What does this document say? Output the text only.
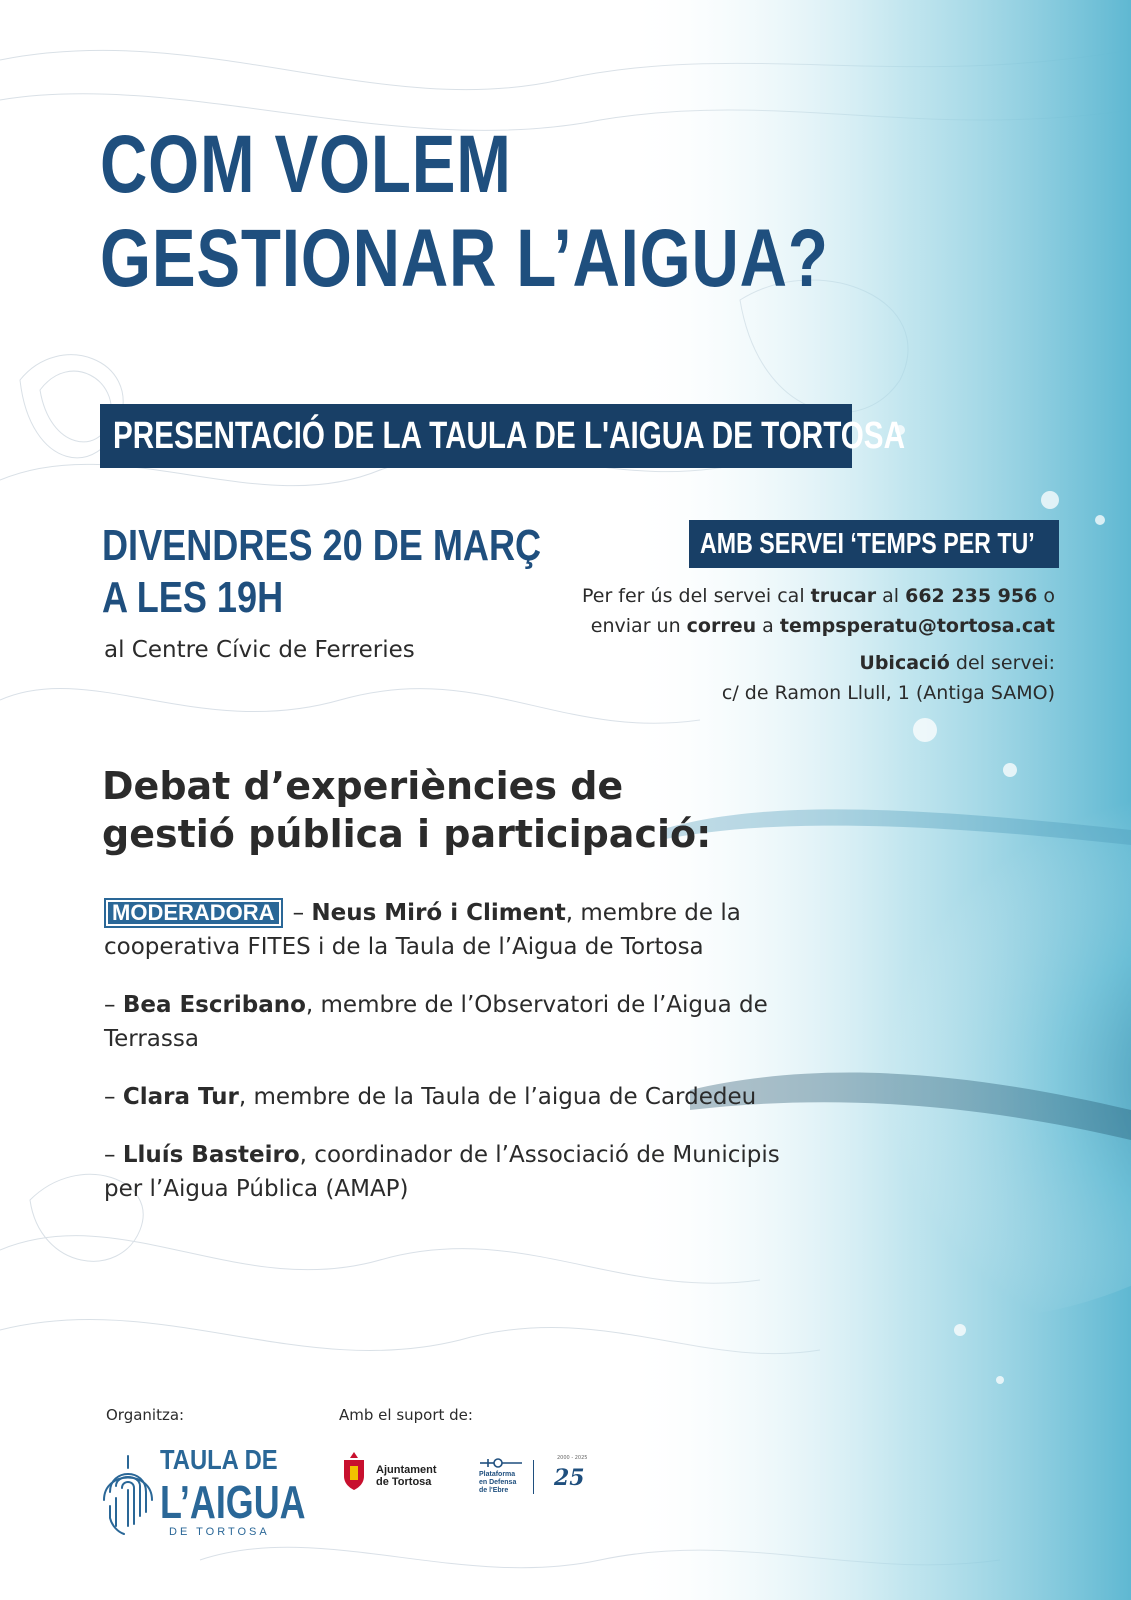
COM VOLEM
GESTIONAR L’AIGUA?
PRESENTACIÓ DE LA TAULA DE L'AIGUA DE TORTOSA
DIVENDRES 20 DE MARÇ
A LES 19H
al Centre Cívic de Ferreries
AMB SERVEI ‘TEMPS PER TU’
Per fer ús del servei cal trucar al 662 235 956 o
enviar un correu a tempsperatu@tortosa.cat
Ubicació del servei:
c/ de Ramon Llull, 1 (Antiga SAMO)
Debat d’experiències de
gestió pública i participació:

MODERADORA – Neus Miró i Climent, membre de la cooperativa FITES i de la Taula de l’Aigua de Tortosa

– Bea Escribano, membre de l’Observatori de l’Aigua de Terrassa

– Clara Tur, membre de la Taula de l’aigua de Cardedeu

– Lluís Basteiro, coordinador de l’Associació de Municipis per l’Aigua Pública (AMAP)

Organitza:	Amb el suport de:
TAULA DE
L’AIGUA
DE TORTOSA
Ajuntament
de Tortosa
Plataforma
en Defensa
de l'Ebre
2000 - 2025
25
